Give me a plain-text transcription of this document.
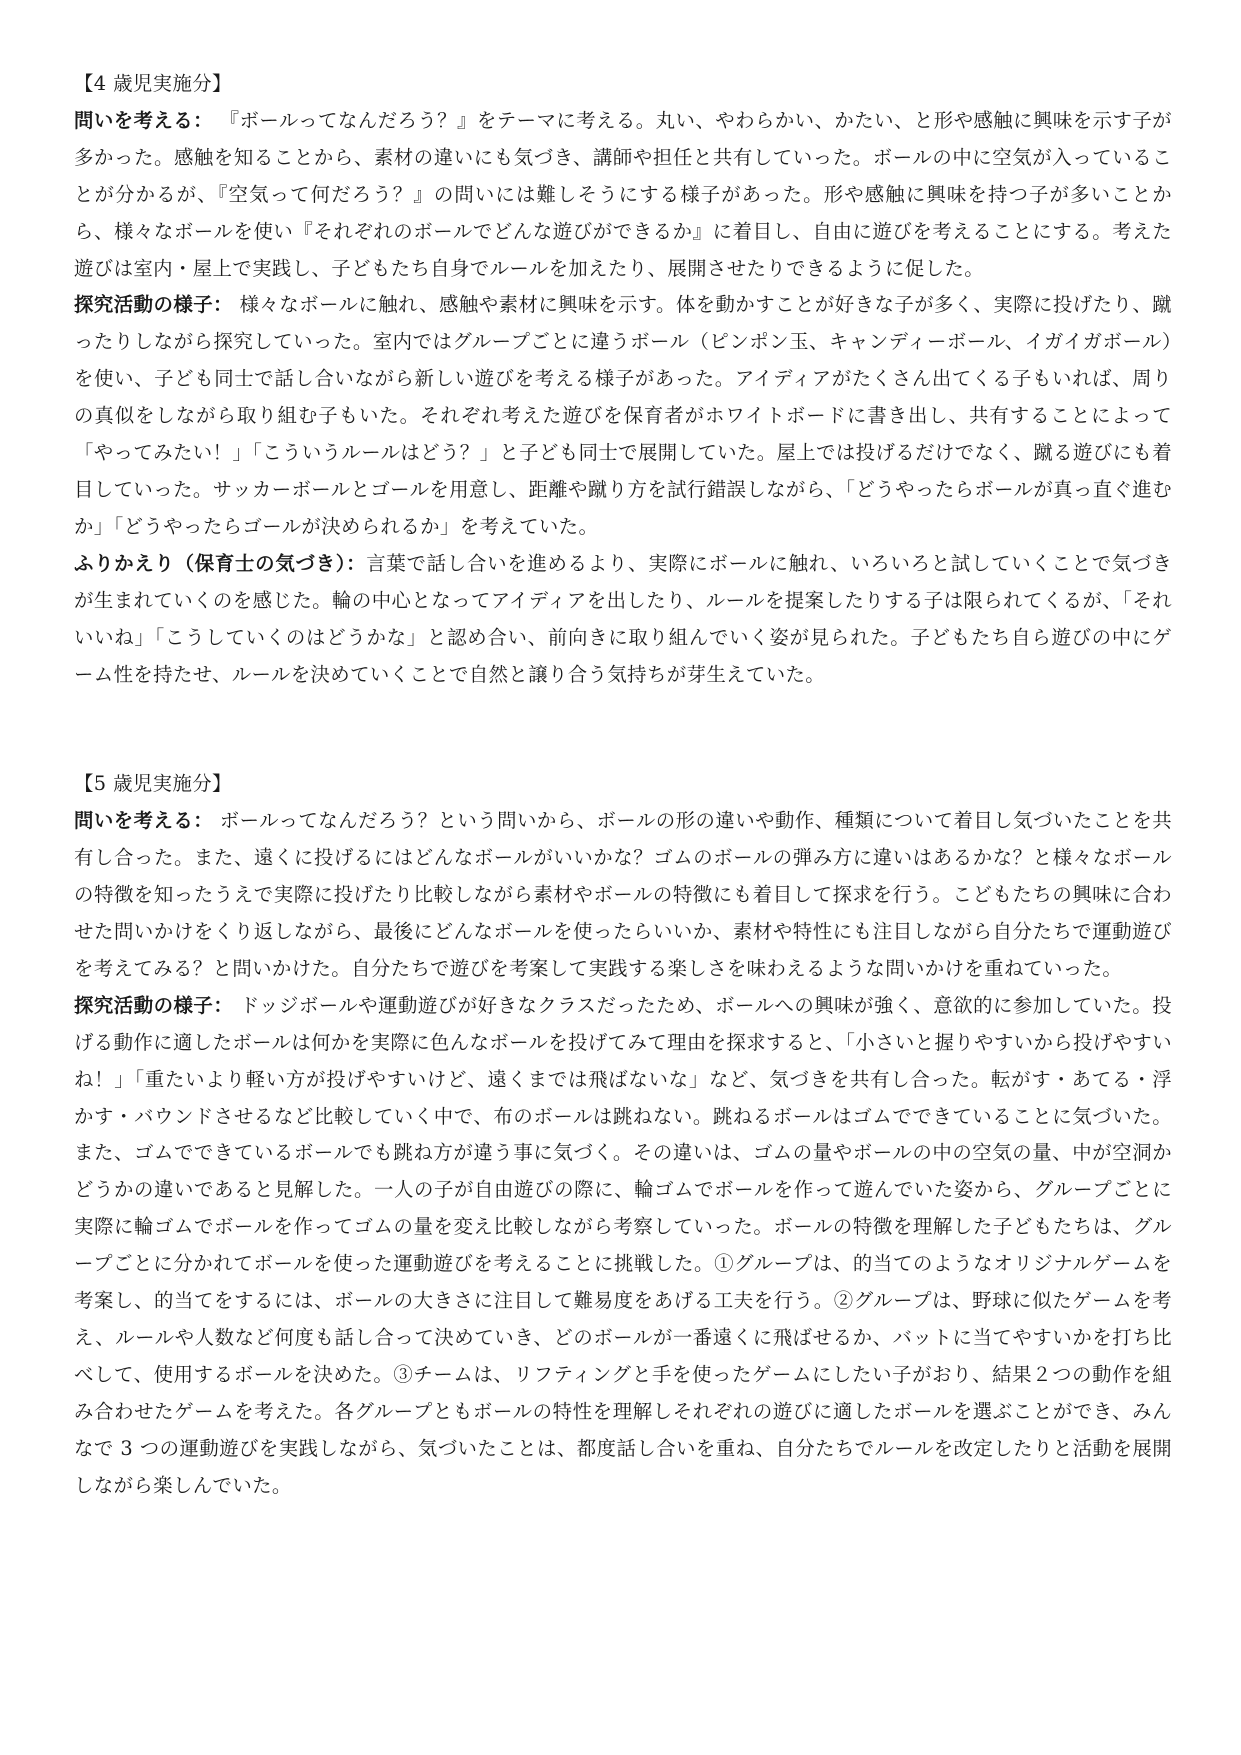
【4 歳児実施分】

問いを考える： 『ボールってなんだろう？』をテーマに考える。丸い、やわらかい、かたい、と形や感触に興味を示す子が多かった。感触を知ることから、素材の違いにも気づき、講師や担任と共有していった。ボールの中に空気が入っていることが分かるが、『空気って何だろう？』の問いには難しそうにする様子があった。形や感触に興味を持つ子が多いことから、様々なボールを使い『それぞれのボールでどんな遊びができるか』に着目し、自由に遊びを考えることにする。考えた遊びは室内・屋上で実践し、子どもたち自身でルールを加えたり、展開させたりできるように促した。

探究活動の様子： 様々なボールに触れ、感触や素材に興味を示す。体を動かすことが好きな子が多く、実際に投げたり、蹴ったりしながら探究していった。室内ではグループごとに違うボール（ピンポン玉、キャンディーボール、イガイガボール）を使い、子ども同士で話し合いながら新しい遊びを考える様子があった。アイディアがたくさん出てくる子もいれば、周りの真似をしながら取り組む子もいた。それぞれ考えた遊びを保育者がホワイトボードに書き出し、共有することによって「やってみたい！」「こういうルールはどう？」と子ども同士で展開していた。屋上では投げるだけでなく、蹴る遊びにも着目していった。サッカーボールとゴールを用意し、距離や蹴り方を試行錯誤しながら、「どうやったらボールが真っ直ぐ進むか」「どうやったらゴールが決められるか」を考えていた。

ふりかえり（保育士の気づき）：言葉で話し合いを進めるより、実際にボールに触れ、いろいろと試していくことで気づきが生まれていくのを感じた。輪の中心となってアイディアを出したり、ルールを提案したりする子は限られてくるが、「それいいね」「こうしていくのはどうかな」と認め合い、前向きに取り組んでいく姿が見られた。子どもたち自ら遊びの中にゲーム性を持たせ、ルールを決めていくことで自然と譲り合う気持ちが芽生えていた。

【5 歳児実施分】

問いを考える： ボールってなんだろう？という問いから、ボールの形の違いや動作、種類について着目し気づいたことを共有し合った。また、遠くに投げるにはどんなボールがいいかな？ゴムのボールの弾み方に違いはあるかな？と様々なボールの特徴を知ったうえで実際に投げたり比較しながら素材やボールの特徴にも着目して探求を行う。こどもたちの興味に合わせた問いかけをくり返しながら、最後にどんなボールを使ったらいいか、素材や特性にも注目しながら自分たちで運動遊びを考えてみる？と問いかけた。自分たちで遊びを考案して実践する楽しさを味わえるような問いかけを重ねていった。

探究活動の様子： ドッジボールや運動遊びが好きなクラスだったため、ボールへの興味が強く、意欲的に参加していた。投げる動作に適したボールは何かを実際に色んなボールを投げてみて理由を探求すると、「小さいと握りやすいから投げやすいね！」「重たいより軽い方が投げやすいけど、遠くまでは飛ばないな」など、気づきを共有し合った。転がす・あてる・浮かす・バウンドさせるなど比較していく中で、布のボールは跳ねない。跳ねるボールはゴムでできていることに気づいた。また、ゴムでできているボールでも跳ね方が違う事に気づく。その違いは、ゴムの量やボールの中の空気の量、中が空洞かどうかの違いであると見解した。一人の子が自由遊びの際に、輪ゴムでボールを作って遊んでいた姿から、グループごとに実際に輪ゴムでボールを作ってゴムの量を変え比較しながら考察していった。ボールの特徴を理解した子どもたちは、グループごとに分かれてボールを使った運動遊びを考えることに挑戦した。①グループは、的当てのようなオリジナルゲームを考案し、的当てをするには、ボールの大きさに注目して難易度をあげる工夫を行う。②グループは、野球に似たゲームを考え、ルールや人数など何度も話し合って決めていき、どのボールが一番遠くに飛ばせるか、バットに当てやすいかを打ち比べして、使用するボールを決めた。③チームは、リフティングと手を使ったゲームにしたい子がおり、結果２つの動作を組み合わせたゲームを考えた。各グループともボールの特性を理解しそれぞれの遊びに適したボールを選ぶことができ、みんなで 3 つの運動遊びを実践しながら、気づいたことは、都度話し合いを重ね、自分たちでルールを改定したりと活動を展開しながら楽しんでいた。
